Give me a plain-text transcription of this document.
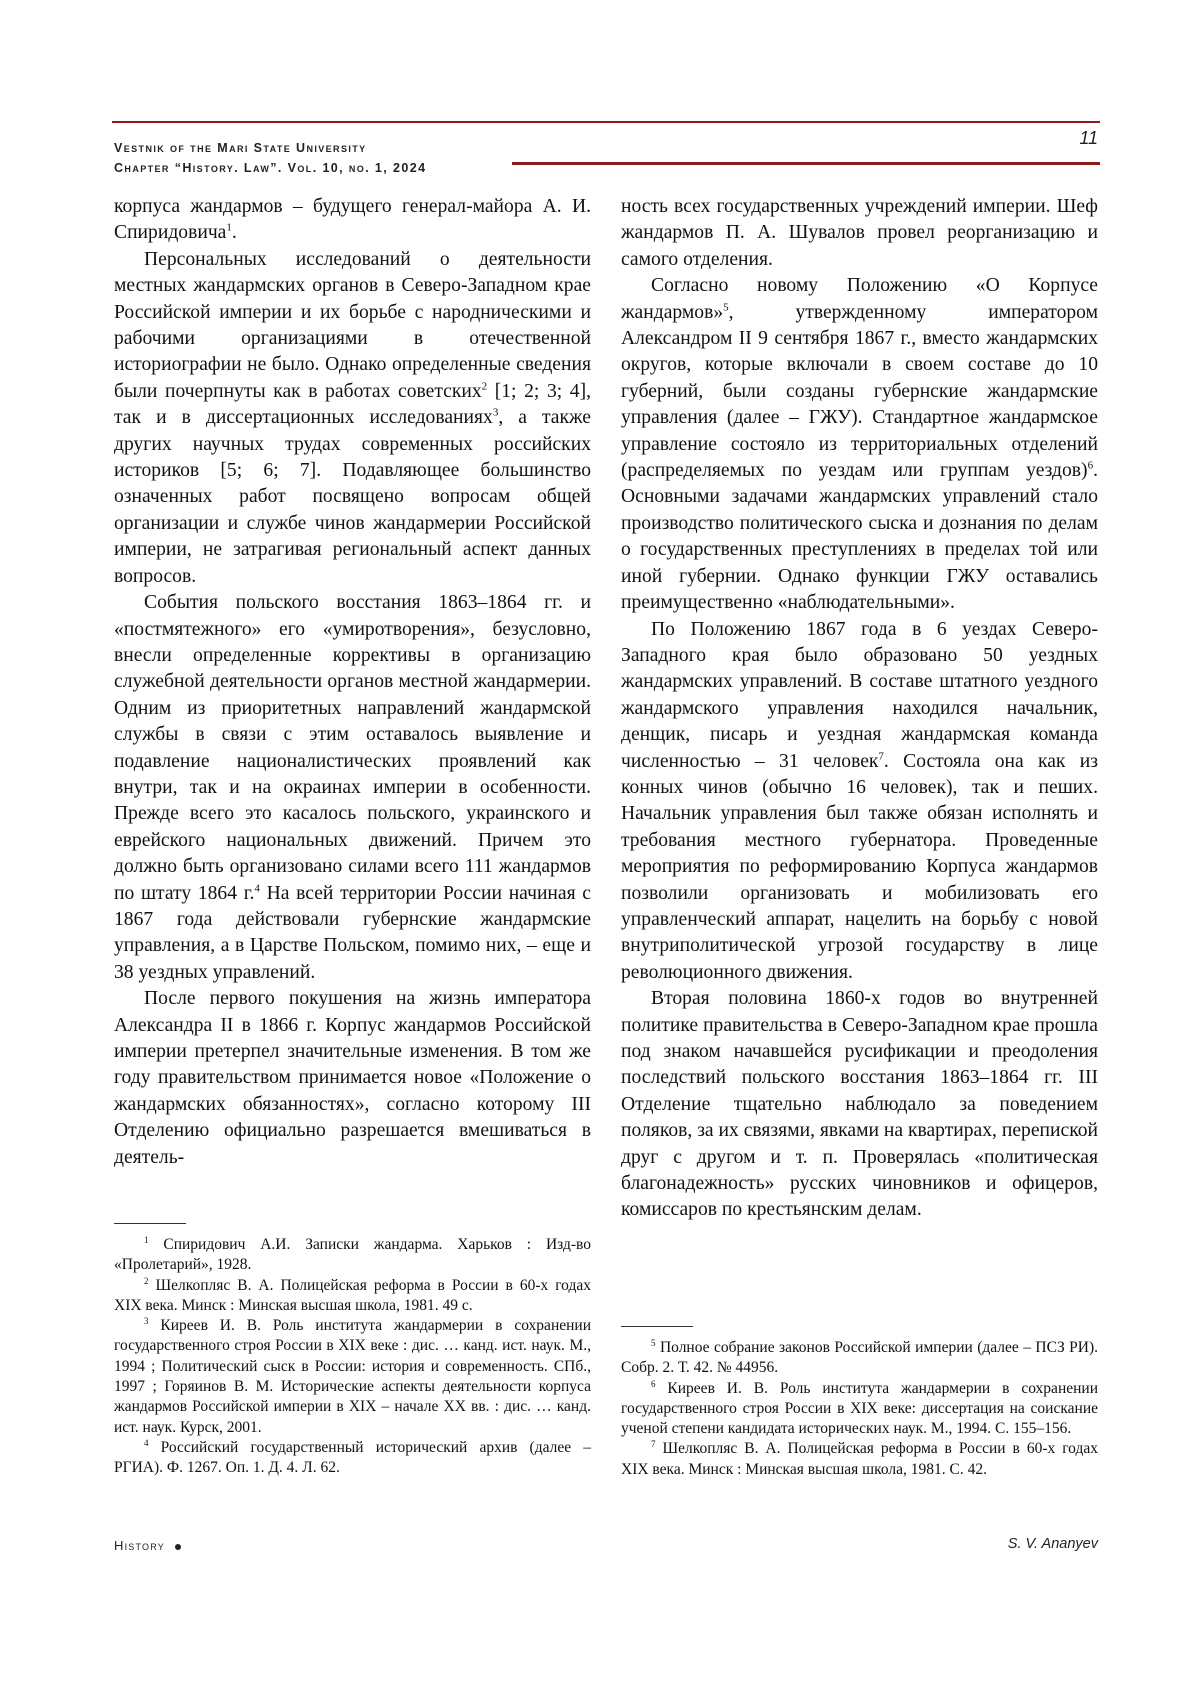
Vestnik of the Mari State University
Chapter “History. Law”. Vol. 10, no. 1, 2024
11

корпуса жандармов – будущего генерал-майора А. И. Спиридовича$^1$.

Персональных исследований о деятельности местных жандармских органов в Северо-Западном крае Российской империи и их борьбе с народническими и рабочими организациями в отечественной историографии не было. Однако определенные сведения были почерпнуты как в работах советских$^2$ [1; 2; 3; 4], так и в диссертационных исследованиях$^3$, а также других научных трудах современных российских историков [5; 6; 7]. Подавляющее большинство означенных работ посвящено вопросам общей организации и службе чинов жандармерии Российской империи, не затрагивая региональный аспект данных вопросов.

События польского восстания 1863–1864 гг. и «постмятежного» его «умиротворения», безусловно, внесли определенные коррективы в организацию служебной деятельности органов местной жандармерии. Одним из приоритетных направлений жандармской службы в связи с этим оставалось выявление и подавление националистических проявлений как внутри, так и на окраинах империи в особенности. Прежде всего это касалось польского, украинского и еврейского национальных движений. Причем это должно быть организовано силами всего 111 жандармов по штату 1864 г.$^4$ На всей территории России начиная с 1867 года действовали губернские жандармские управления, а в Царстве Польском, помимо них, – еще и 38 уездных управлений.

После первого покушения на жизнь императора Александра II в 1866 г. Корпус жандармов Российской империи претерпел значительные изменения. В том же году правительством принимается новое «Положение о жандармских обязанностях», согласно которому III Отделению официально разрешается вмешиваться в деятель-

ность всех государственных учреждений империи. Шеф жандармов П. А. Шувалов провел реорганизацию и самого отделения.

Согласно новому Положению «О Корпусе жандармов»$^5$, утвержденному императором Александром II 9 сентября 1867 г., вместо жандармских округов, которые включали в своем составе до 10 губерний, были созданы губернские жандармские управления (далее – ГЖУ). Стандартное жандармское управление состояло из территориальных отделений (распределяемых по уездам или группам уездов)$^6$. Основными задачами жандармских управлений стало производство политического сыска и дознания по делам о государственных преступлениях в пределах той или иной губернии. Однако функции ГЖУ оставались преимущественно «наблюдательными».

По Положению 1867 года в 6 уездах Северо-Западного края было образовано 50 уездных жандармских управлений. В составе штатного уездного жандармского управления находился начальник, денщик, писарь и уездная жандармская команда численностью – 31 человек$^7$. Состояла она как из конных чинов (обычно 16 человек), так и пеших. Начальник управления был также обязан исполнять и требования местного губернатора. Проведенные мероприятия по реформированию Корпуса жандармов позволили организовать и мобилизовать его управленческий аппарат, нацелить на борьбу с новой внутриполитической угрозой государству в лице революционного движения.

Вторая половина 1860-х годов во внутренней политике правительства в Северо-Западном крае прошла под знаком начавшейся русификации и преодоления последствий польского восстания 1863–1864 гг. III Отделение тщательно наблюдало за поведением поляков, за их связями, явками на квартирах, перепиской друг с другом и т. п. Проверялась «политическая благонадежность» русских чиновников и офицеров, комиссаров по крестьянским делам.

$^1$ Спиридович А.И. Записки жандарма. Харьков : Изд-во «Пролетарий», 1928.

$^2$ Шелкопляс В. А. Полицейская реформа в России в 60-х годах XIX века. Минск : Минская высшая школа, 1981. 49 с.

$^3$ Киреев И. В. Роль института жандармерии в сохранении государственного строя России в XIX веке : дис. … канд. ист. наук. М., 1994 ; Политический сыск в России: история и современность. СПб., 1997 ; Горяинов В. М. Исторические аспекты деятельности корпуса жандармов Российской империи в XIX – начале XX вв. : дис. … канд. ист. наук. Курск, 2001.

$^4$ Российский государственный исторический архив (далее – РГИА). Ф. 1267. Оп. 1. Д. 4. Л. 62.

$^5$ Полное собрание законов Российской империи (далее – ПСЗ РИ). Собр. 2. Т. 42. № 44956.

$^6$ Киреев И. В. Роль института жандармерии в сохранении государственного строя России в XIX веке: диссертация на соискание ученой степени кандидата исторических наук. М., 1994. С. 155–156.

$^7$ Шелкопляс В. А. Полицейская реформа в России в 60-х годах XIX века. Минск : Минская высшая школа, 1981. С. 42.

History	S. V. Ananyev
